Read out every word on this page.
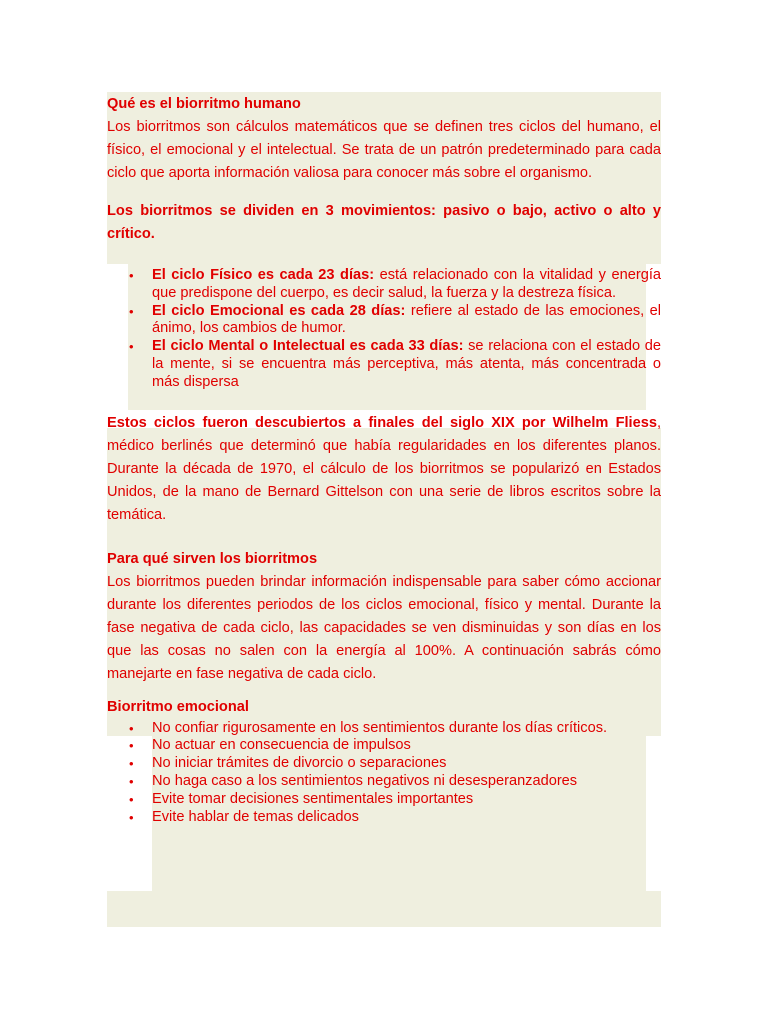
Qué es el biorritmo humano

Los biorritmos son cálculos matemáticos que se definen tres ciclos del humano, el físico, el emocional y el intelectual. Se trata de un patrón predeterminado para cada ciclo que aporta información valiosa para conocer más sobre el organismo.

Los biorritmos se dividen en 3 movimientos: pasivo o bajo, activo o alto y crítico.

• El ciclo Físico es cada 23 días: está relacionado con la vitalidad y energía que predispone del cuerpo, es decir salud, la fuerza y la destreza física.
• El ciclo Emocional es cada 28 días: refiere al estado de las emociones, el ánimo, los cambios de humor.
• El ciclo Mental o Intelectual es cada 33 días: se relaciona con el estado de la mente, si se encuentra más perceptiva, más atenta, más concentrada o más dispersa

Estos ciclos fueron descubiertos a finales del siglo XIX por Wilhelm Fliess, médico berlinés que determinó que había regularidades en los diferentes planos. Durante la década de 1970, el cálculo de los biorritmos se popularizó en Estados Unidos, de la mano de Bernard Gittelson con una serie de libros escritos sobre la temática.

Para qué sirven los biorritmos

Los biorritmos pueden brindar información indispensable para saber cómo accionar durante los diferentes periodos de los ciclos emocional, físico y mental. Durante la fase negativa de cada ciclo, las capacidades se ven disminuidas y son días en los que las cosas no salen con la energía al 100%. A continuación sabrás cómo manejarte en fase negativa de cada ciclo.

Biorritmo emocional

• No confiar rigurosamente en los sentimientos durante los días críticos.
• No actuar en consecuencia de impulsos
• No iniciar trámites de divorcio o separaciones
• No haga caso a los sentimientos negativos ni desesperanzadores
• Evite tomar decisiones sentimentales importantes
• Evite hablar de temas delicados
